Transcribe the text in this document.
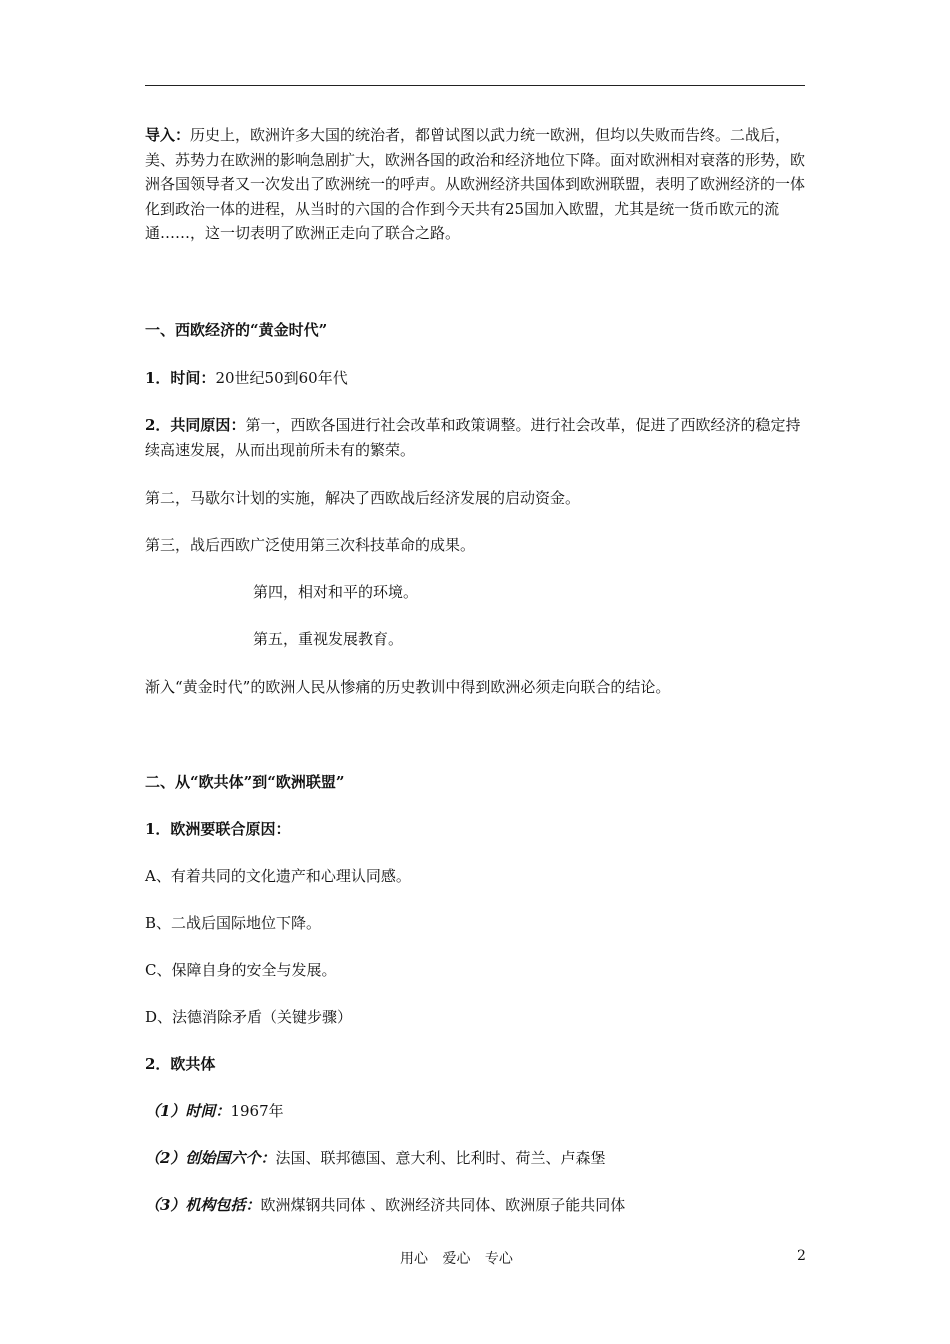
导入：历史上，欧洲许多大国的统治者，都曾试图以武力统一欧洲，但均以失败而告终。二战后，美、苏势力在欧洲的影响急剧扩大，欧洲各国的政治和经济地位下降。面对欧洲相对衰落的形势，欧洲各国领导者又一次发出了欧洲统一的呼声。从欧洲经济共国体到欧洲联盟，表明了欧洲经济的一体化到政治一体的进程，从当时的六国的合作到今天共有25国加入欧盟，尤其是统一货币欧元的流通……，这一切表明了欧洲正走向了联合之路。
一、西欧经济的“黄金时代”
1．时间：20世纪50到60年代
2．共同原因：第一，西欧各国进行社会改革和政策调整。进行社会改革，促进了西欧经济的稳定持续高速发展，从而出现前所未有的繁荣。
第二，马歇尔计划的实施，解决了西欧战后经济发展的启动资金。
第三，战后西欧广泛使用第三次科技革命的成果。
第四，相对和平的环境。
第五，重视发展教育。
渐入“黄金时代”的欧洲人民从惨痛的历史教训中得到欧洲必须走向联合的结论。
二、从“欧共体”到“欧洲联盟”
1．欧洲要联合原因：
A、有着共同的文化遗产和心理认同感。
B、二战后国际地位下降。
C、保障自身的安全与发展。
D、法德消除矛盾（关键步骤）
2．欧共体
（1）时间：1967年
（2）创始国六个：法国、联邦德国、意大利、比利时、荷兰、卢森堡
（3）机构包括：欧洲煤钢共同体 、欧洲经济共同体、欧洲原子能共同体
用心 爱心 专心	2
